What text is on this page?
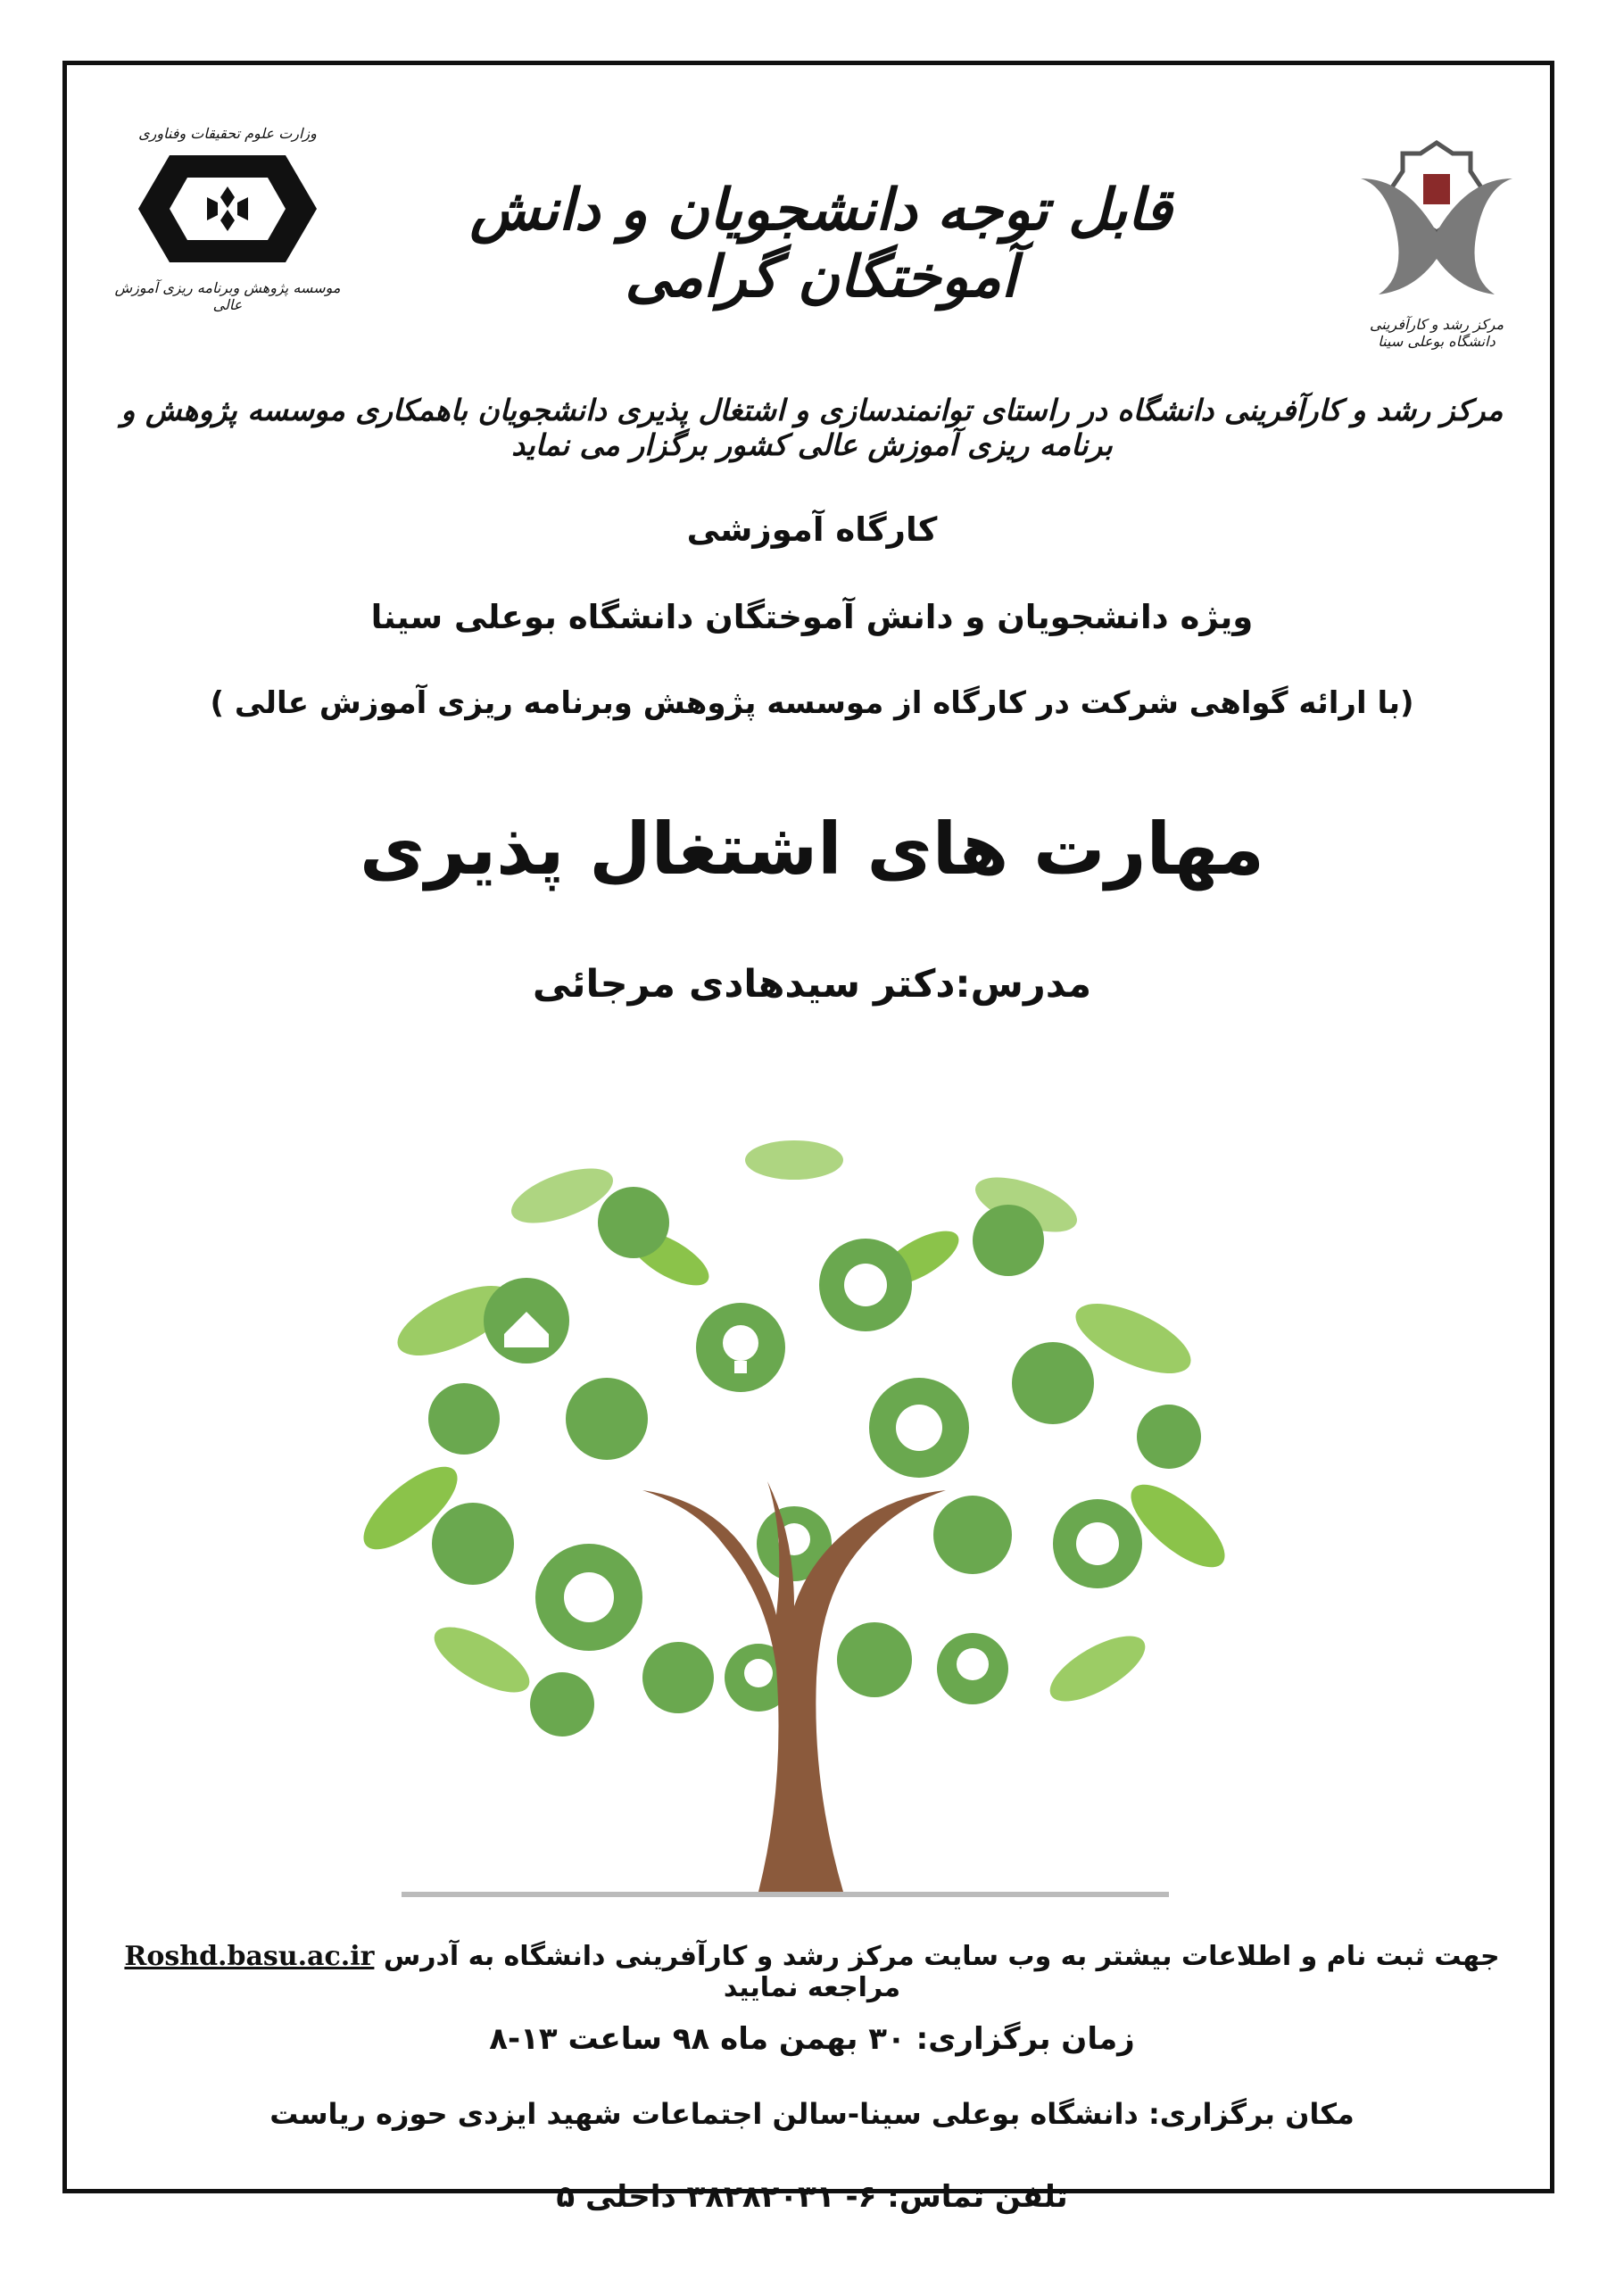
مرکز رشد و کارآفرینی
دانشگاه بوعلی سینا
وزارت علوم تحقیقات وفناوری
موسسه پژوهش وبرنامه ریزی آموزش عالی
قابل توجه دانشجویان و دانش آموختگان گرامی
مرکز رشد و کارآفرینی دانشگاه در راستای توانمندسازی و اشتغال پذیری دانشجویان باهمکاری موسسه پژوهش و برنامه ریزی آموزش عالی کشور برگزار می نماید
کارگاه آموزشی
ویژه دانشجویان و دانش آموختگان دانشگاه بوعلی سینا
(با ارائه گواهی شرکت در کارگاه از موسسه پژوهش وبرنامه ریزی آموزش عالی )
مهارت های اشتغال پذیری
مدرس:دکتر سیدهادی مرجائی
جهت ثبت نام و اطلاعات بیشتر به وب سایت مرکز رشد و کارآفرینی دانشگاه به آدرس Roshd.basu.ac.ir مراجعه نمایید
زمان برگزاری: ۳۰ بهمن ماه ۹۸ ساعت ۱۳-۸
مکان برگزاری: دانشگاه بوعلی سینا-سالن اجتماعات شهید ایزدی حوزه ریاست
تلفن تماس: ۶- ۳۸۲۸۲۰۳۱ داخلی ۵
